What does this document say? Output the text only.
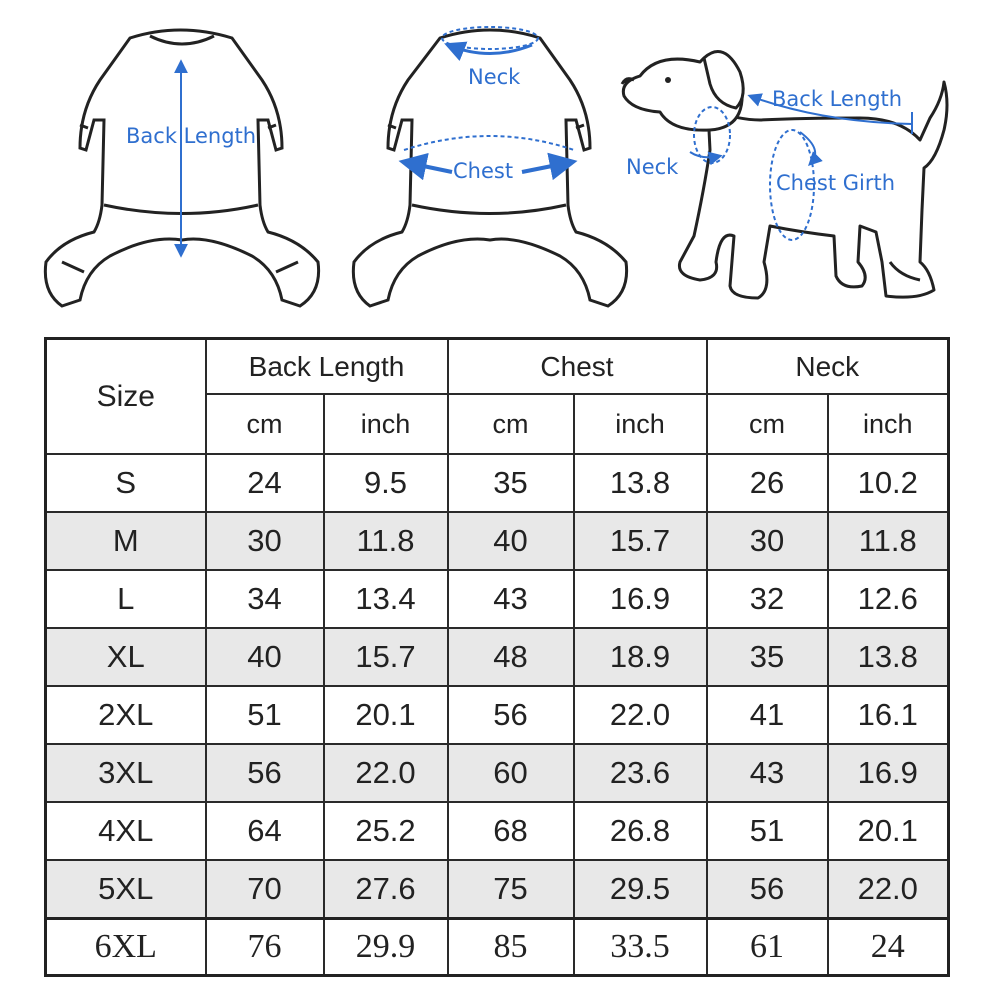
Back Length
Neck
Chest
Back Length
Neck
Chest Girth
Size	Back Length		Chest		Neck	
	cm	inch	cm	inch	cm	inch
S	24	9.5	35	13.8	26	10.2
M	30	11.8	40	15.7	30	11.8
L	34	13.4	43	16.9	32	12.6
XL	40	15.7	48	18.9	35	13.8
2XL	51	20.1	56	22.0	41	16.1
3XL	56	22.0	60	23.6	43	16.9
4XL	64	25.2	68	26.8	51	20.1
5XL	70	27.6	75	29.5	56	22.0
6XL	76	29.9	85	33.5	61	24
